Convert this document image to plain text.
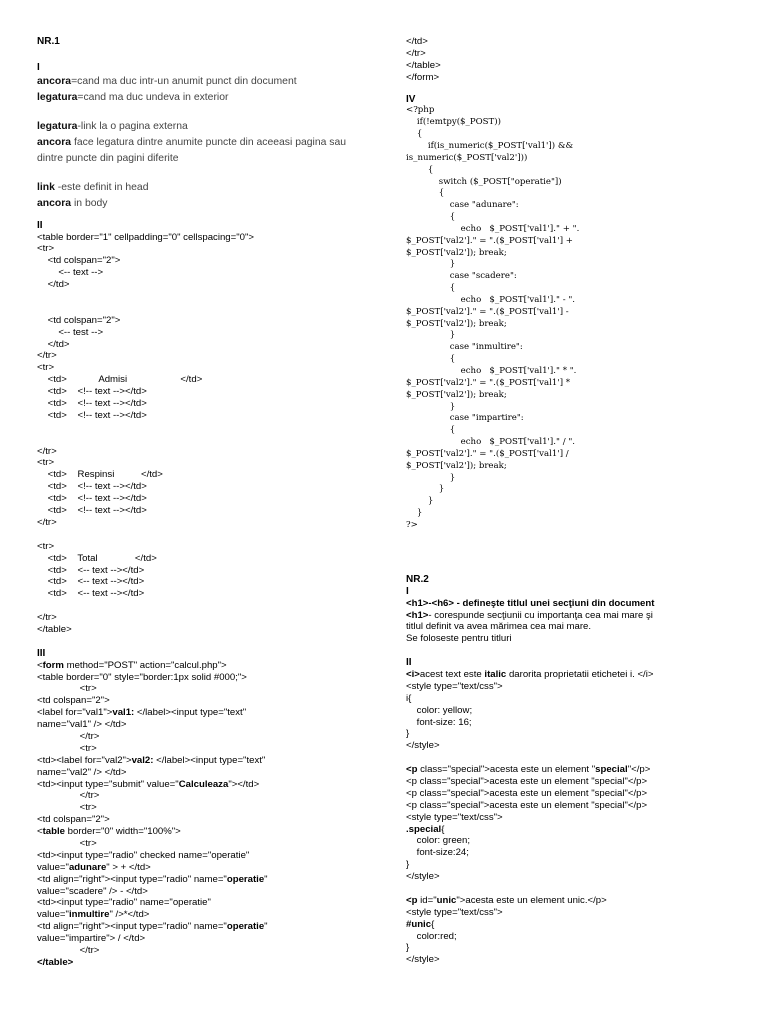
NR.1
I
ancora=cand ma duc intr-un anumit punct din document
legatura=cand ma duc undeva in exterior

legatura-link la o pagina externa
ancora face legatura dintre anumite puncte din aceeasi pagina sau
dintre puncte din pagini diferite

link -este definit in head
ancora in body
II
<table border="1" cellpadding="0" cellspacing="0">
<tr>
<td colspan="2">
<-- text -->
</td>

<td colspan="2">
<-- test -->
</td>
</tr>
<tr>
<td>            Admisi                    </td>
<td>    <!-- text --></td>
<td>    <!-- text --></td>
<td>    <!-- text --></td>

</tr>
<tr>
<td>    Respinsi          </td>
<td>    <!-- text --></td>
<td>    <!-- text --></td>
<td>    <!-- text --></td>
</tr>

<tr>
<td>    Total              </td>
<td>    <-- text --></td>
<td>    <-- text --></td>
<td>    <-- text --></td>

</tr>
</table>
III
<form method="POST" action="calcul.php">
<table border="0" style="border:1px solid #000;">
<tr>
<td colspan="2">
<label for="val1">val1: </label><input type="text"
name="val1" /> </td>
</tr>
<tr>
<td><label for="val2">val2: </label><input type="text"
name="val2" /> </td>
<td><input type="submit" value="Calculeaza"></td>
</tr>
<tr>
<td colspan="2">
<table border="0" width="100%">
<tr>
<td><input type="radio" checked name="operatie"
value="adunare" > + </td>
<td align="right"><input type="radio" name="operatie"
value="scadere" /> - </td>
<td><input type="radio" name="operatie"
value="inmultire" />*</td>
<td align="right"><input type="radio" name="operatie"
value="impartire"> / </td>
</tr>
</table>
</td>
</tr>
</table>
</form>
IV
<?php
if(!emtpy($_POST))
{
if(is_numeric($_POST['val1']) &&
is_numeric($_POST['val2']))
{
switch ($_POST["operatie"])
{
case "adunare":
{
echo   $_POST['val1']." + ".
$_POST['val2']." = ".($_POST['val1'] +
$_POST['val2']); break;
}
case "scadere":
{
echo   $_POST['val1']." - ".
$_POST['val2']." = ".($_POST['val1'] -
$_POST['val2']); break;
}
case "inmultire":
{
echo   $_POST['val1']." * ".
$_POST['val2']." = ".($_POST['val1'] *
$_POST['val2']); break;
}
case "impartire":
{
echo   $_POST['val1']." / ".
$_POST['val2']." = ".($_POST['val1'] /
$_POST['val2']); break;
}
}
}
}
?>
NR.2
I
<h1>-<h6> - defineşte titlul unei secţiuni din document
<h1>- corespunde secţiunii cu importanţa cea mai mare şi
titlul definit va avea mărimea cea mai mare.
Se foloseste pentru titluri
II
<i>acest text este italic darorita proprietatii etichetei i. </i>
<style type="text/css">
i{
color: yellow;
font-size: 16;
}
</style>

<p class="special">acesta este un element "special"</p>
<p class="special">acesta este un element "special"</p>
<p class="special">acesta este un element "special"</p>
<p class="special">acesta este un element "special"</p>
<style type="text/css">
.special{
color: green;
font-size:24;
}
</style>

<p id="unic">acesta este un element unic.</p>
<style type="text/css">
#unic{
color:red;
}
</style>
